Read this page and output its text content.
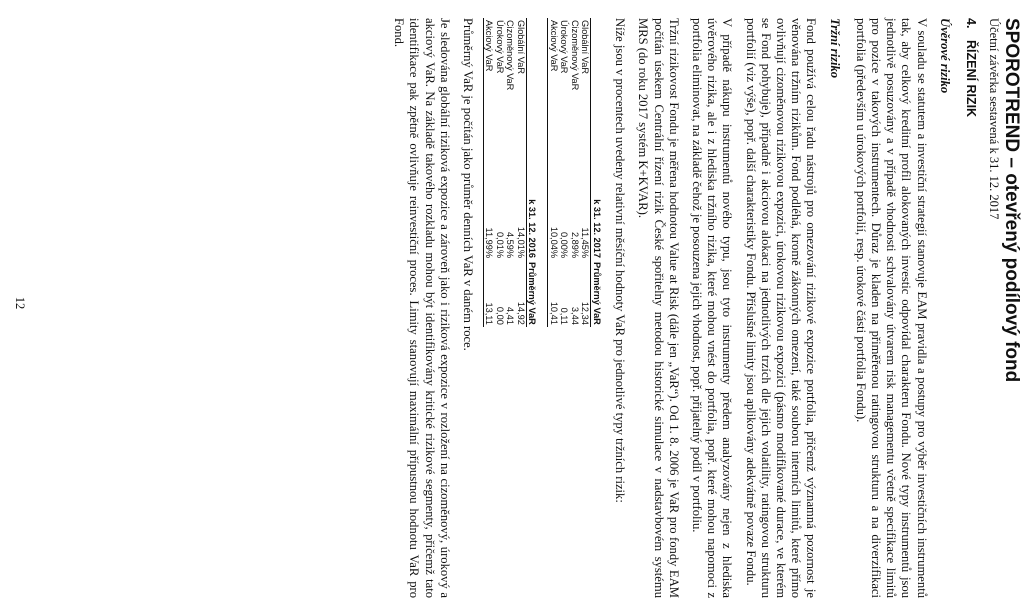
SPOROTREND – otevřený podílový fond
Účetní závěrka sestavená k 31. 12. 2017
4.ŘÍZENÍ RIZIK
Úvěrové riziko

V souladu se statutem a investiční strategií stanovuje EAM pravidla a postupy pro výběr investičních instrumentů tak, aby celkový kreditní profil alokovaných investic odpovídal charakteru Fondu. Nové typy instrumentů jsou jednotlivě posuzovány a v případě vhodnosti schvalovány útvarem risk managementu včetně specifikace limitů pro pozice v takových instrumentech. Důraz je kladen na přiměřenou ratingovou strukturu a na diverzifikaci portfolia (především u úrokových portfolií, resp. úrokové části portfolia Fondu).

Tržní riziko

Fond používá celou řadu nástrojů pro omezování rizikové expozice portfolia, přičemž významná pozornost je věnována tržním rizikům. Fond podléhá, kromě zákonných omezení, také souboru interních limitů, které přímo ovlivňují cizoměnovou rizikovou expozici, úrokovou rizikovou expozici (pásmo modifikované durace, ve kterém se Fond pohybuje), případně i akciovou alokaci na jednotlivých trzích dle jejich volatility, ratingovou strukturu portfolií (viz výše), popř. další charakteristiky Fondu. Příslušné limity jsou aplikovány adekvátně povaze Fondu.

V případě nákupu instrumentů nového typu, jsou tyto instrumenty předem analyzovány nejen z hlediska úvěrového rizika, ale i z hlediska tržního rizika, které mohou vnést do portfolia, popř. které mohou napomoci z portfolia eliminovat, na základě čehož je posouzena jejich vhodnost, popř. přijatelný podíl v portfoliu.

Tržní rizikovost Fondu je měřena hodnotou Value at Risk (dále jen „VaR“). Od 1. 8. 2006 je VaR pro fondy EAM počítán úsekem Centrální řízení rizik České spořitelny metodou historické simulace v nadstavbovém systému MRS (do roku 2017 systém K+KVAR).

Níže jsou v procentech uvedeny relativní měsíční hodnoty VaR pro jednotlivé typy tržních rizik:

	k 31. 12. 2017	Průměrný VaR
Globální VaR	11,45%	12,34
Cizoměnový VaR	2,89%	3,44
Úrokový VaR	0,00%	0,11
Akciový VaR	10,04%	10,41
	k 31. 12. 2016	Průměrný VaR
Globální VaR	14,01%	14,92
Cizoměnový VaR	4,59%	4,41
Úrokový VaR	0,01%	0,00
Akciový VaR	11,99%	13,11

Průměrný VaR je počítán jako průměr denních VaR v daném roce.

Je sledována globální riziková expozice a zároveň jako i riziková expozice v rozložení na cizoměnový, úrokový a akciový VaR. Na základě takového rozkladu mohou být identifikovány kritické rizikové segmenty, přičemž tato identifikace pak zpětně ovlivňuje reinvestiční proces. Limity stanovují maximální přípustnou hodnotu VaR pro Fond.

12
